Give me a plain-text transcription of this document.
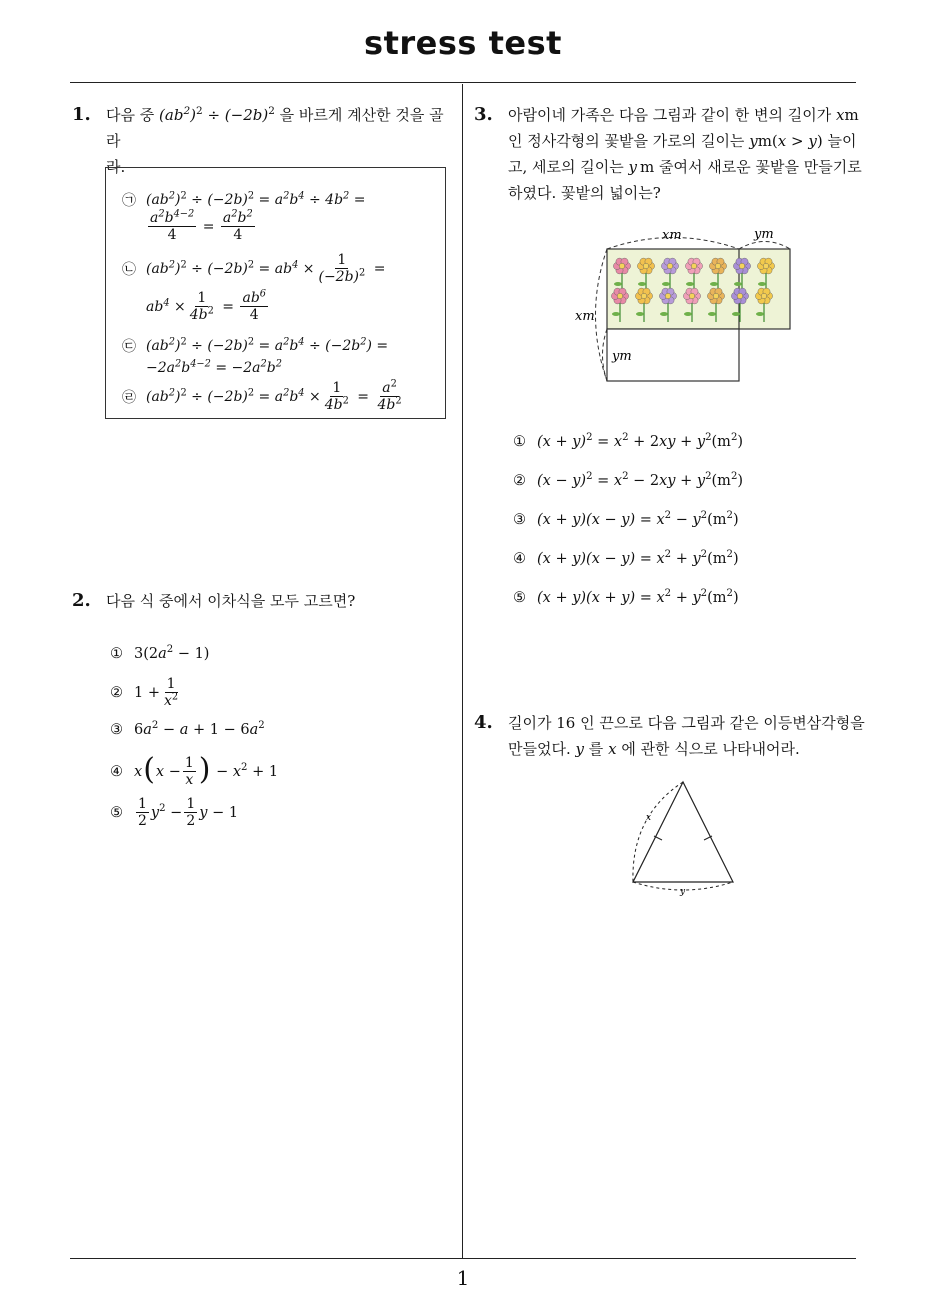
stress test
1
1. 다음 중 $(ab^2)^2 \div (-2b)^2$ 을 바르게 계산한 것을 골라
라.
㉠ $(ab^2)^2 \div (-2b)^2 = a^2b^4 \div 4b^2$ =
$\frac{a^2b^{4-2}}{4} = \frac{a^2b^2}{4}$
㉡ $(ab^2)^2 \div (-2b)^2 = ab^4 \times \frac{1}{(-2b)^2}$ =
$ab^4 \times \frac{1}{4b^2} = \frac{ab^6}{4}$
㉢ $(ab^2)^2 \div (-2b)^2 = a^2b^4 \div (-2b^2)$ =
$-2a^2b^{4-2} = -2a^2b^2$
㉣ $(ab^2)^2 \div (-2b)^2 = a^2b^4 \times \frac{1}{4b^2} = \frac{a^2}{4b^2}$
2. 다음 식 중에서 이차식을 모두 고르면?
① $3(2a^2 - 1)$
② $1 + \frac{1}{x^2}$
③ $6a^2 - a + 1 - 6a^2$
④ x ( $x - \frac{1}{x}$ ) − $x^2 + 1$
⑤ $\frac{1}{2} y^2 - \frac{1}{2}$ y − 1
3. 아람이네 가족은 다음 그림과 같이 한 변의 길이가 xm
인 정사각형의 꽃밭을 가로의 길이는 ym(x > y) 늘이
고, 세로의 길이는 y  m 줄여서 새로운 꽃밭을 만들기로
하였다. 꽃밭의 넓이는?
xm	ym
xm
ym
① $(x + y)^2 = x^2 + 2xy + y^2(m^2)$
② $(x - y)^2 = x^2 - 2xy + y^2(m^2)$
③ $(x + y)(x - y) = x^2 - y^2(m^2)$
④ $(x + y)(x - y) = x^2 + y^2(m^2)$
⑤ $(x + y)(x + y) = x^2 + y^2(m^2)$
4. 길이가 16 인 끈으로 다음 그림과 같은 이등변삼각형을
만들었다. y 를 x 에 관한 식으로 나타내어라.
x
y
